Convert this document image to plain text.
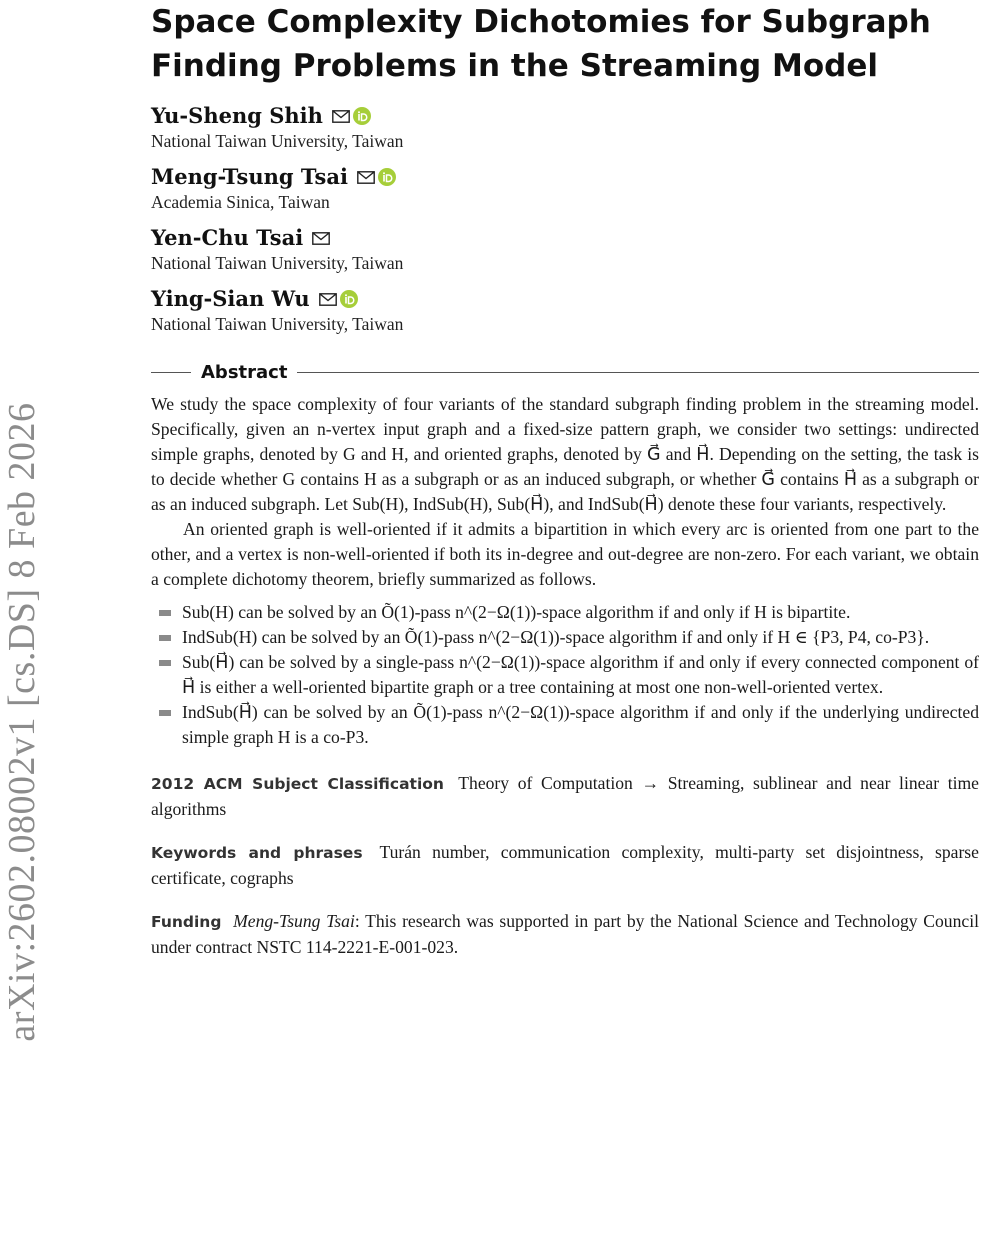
arXiv:2602.08002v1 [cs.DS] 8 Feb 2026
Space Complexity Dichotomies for Subgraph
Finding Problems in the Streaming Model
Yu-Sheng Shih
National Taiwan University, Taiwan
Meng-Tsung Tsai
Academia Sinica, Taiwan
Yen-Chu Tsai
National Taiwan University, Taiwan
Ying-Sian Wu
National Taiwan University, Taiwan
Abstract

We study the space complexity of four variants of the standard subgraph finding problem in the streaming model. Specifically, given an n-vertex input graph and a fixed-size pattern graph, we consider two settings: undirected simple graphs, denoted by G and H, and oriented graphs, denoted by G⃗ and H⃗. Depending on the setting, the task is to decide whether G contains H as a subgraph or as an induced subgraph, or whether G⃗ contains H⃗ as a subgraph or as an induced subgraph. Let Sub(H), IndSub(H), Sub(H⃗), and IndSub(H⃗) denote these four variants, respectively.

An oriented graph is well-oriented if it admits a bipartition in which every arc is oriented from one part to the other, and a vertex is non-well-oriented if both its in-degree and out-degree are non-zero. For each variant, we obtain a complete dichotomy theorem, briefly summarized as follows.

Sub(H) can be solved by an Õ(1)-pass n^(2−Ω(1))-space algorithm if and only if H is bipartite.
IndSub(H) can be solved by an Õ(1)-pass n^(2−Ω(1))-space algorithm if and only if H ∈ {P3, P4, co-P3}.
Sub(H⃗) can be solved by a single-pass n^(2−Ω(1))-space algorithm if and only if every connected component of H⃗ is either a well-oriented bipartite graph or a tree containing at most one non-well-oriented vertex.
IndSub(H⃗) can be solved by an Õ(1)-pass n^(2−Ω(1))-space algorithm if and only if the underlying undirected simple graph H is a co-P3.
2012 ACM Subject Classification Theory of Computation → Streaming, sublinear and near linear time algorithms
Keywords and phrases Turán number, communication complexity, multi-party set disjointness, sparse certificate, cographs
Funding Meng-Tsung Tsai: This research was supported in part by the National Science and Technology Council under contract NSTC 114-2221-E-001-023.
